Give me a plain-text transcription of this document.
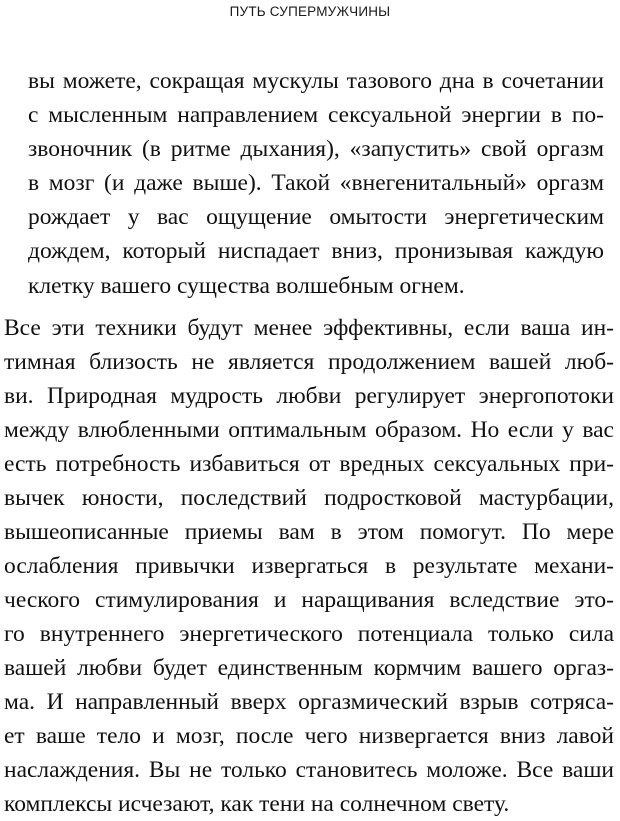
ПУТЬ СУПЕРМУЖЧИНЫ
вы можете, сокращая мускулы тазового дна в сочетании
с мысленным направлением сексуальной энергии в по-
звоночник (в ритме дыхания), «запустить» свой оргазм
в мозг (и даже выше). Такой «внегенитальный» оргазм
рождает у вас ощущение омытости энергетическим
дождем, который ниспадает вниз, пронизывая каждую
клетку вашего существа волшебным огнем.
Все эти техники будут менее эффективны, если ваша ин-
тимная близость не является продолжением вашей люб-
ви. Природная мудрость любви регулирует энергопотоки
между влюбленными оптимальным образом. Но если у вас
есть потребность избавиться от вредных сексуальных при-
вычек юности, последствий подростковой мастурбации,
вышеописанные приемы вам в этом помогут. По мере
ослабления привычки извергаться в результате механи-
ческого стимулирования и наращивания вследствие это-
го внутреннего энергетического потенциала только сила
вашей любви будет единственным кормчим вашего оргаз-
ма. И направленный вверх оргазмический взрыв сотряса-
ет ваше тело и мозг, после чего низвергается вниз лавой
наслаждения. Вы не только становитесь моложе. Все ваши
комплексы исчезают, как тени на солнечном свету.
